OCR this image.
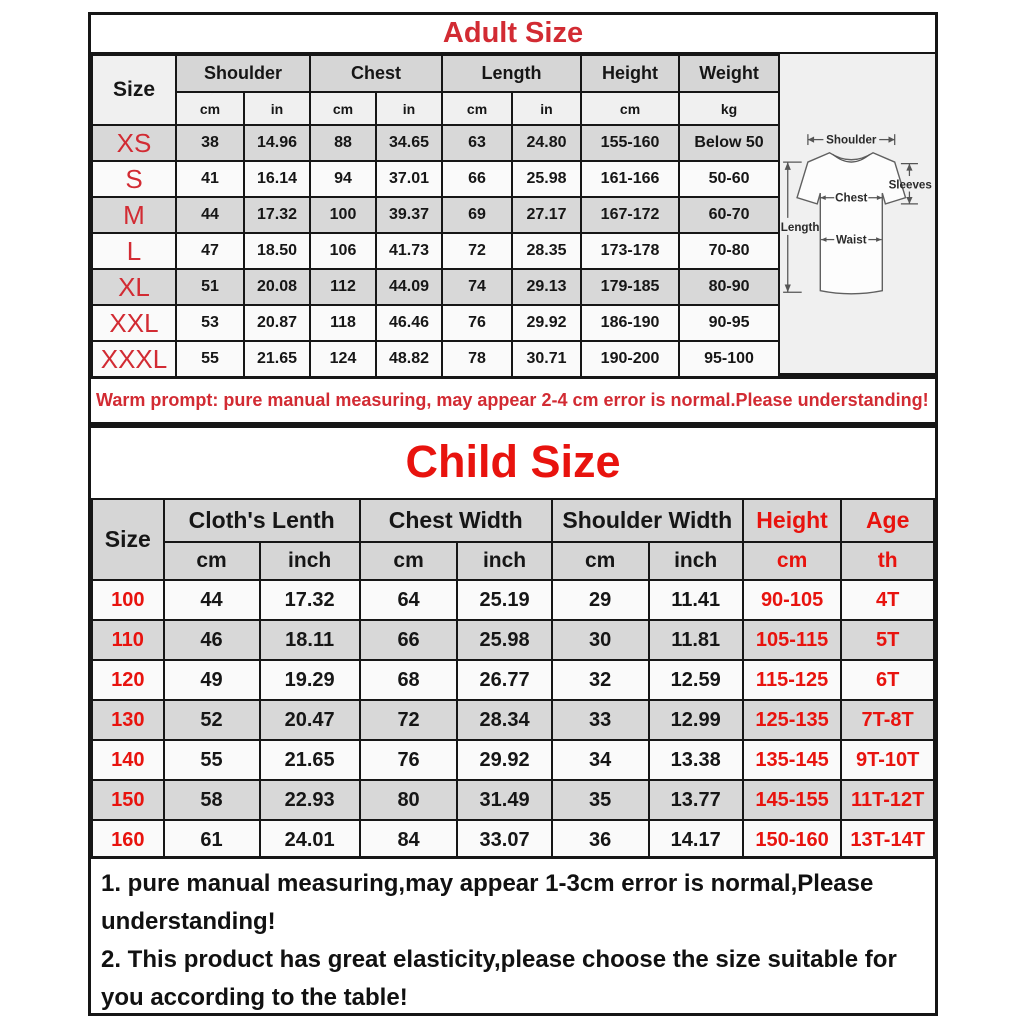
Adult Size
Size	Shoulder		Chest		Length		Height	Weight
	cm	in	cm	in	cm	in	cm	kg
XS	38	14.96	88	34.65	63	24.80	155-160	Below 50
S	41	16.14	94	37.01	66	25.98	161-166	50-60
M	44	17.32	100	39.37	69	27.17	167-172	60-70
L	47	18.50	106	41.73	72	28.35	173-178	70-80
XL	51	20.08	112	44.09	74	29.13	179-185	80-90
XXL	53	20.87	118	46.46	76	29.92	186-190	90-95
XXXL	55	21.65	124	48.82	78	30.71	190-200	95-100
Shoulder
Length
Sleeves
Chest
Waist

Warm prompt: pure manual measuring, may appear 2-4 cm error is normal.Please understanding!

Child Size
Size	Cloth's Lenth		Chest Width		Shoulder Width		Height	Age
	cm	inch	cm	inch	cm	inch	cm	th
100	44	17.32	64	25.19	29	11.41	90-105	4T
110	46	18.11	66	25.98	30	11.81	105-115	5T
120	49	19.29	68	26.77	32	12.59	115-125	6T
130	52	20.47	72	28.34	33	12.99	125-135	7T-8T
140	55	21.65	76	29.92	34	13.38	135-145	9T-10T
150	58	22.93	80	31.49	35	13.77	145-155	11T-12T
160	61	24.01	84	33.07	36	14.17	150-160	13T-14T

1. pure manual measuring,may appear 1-3cm error is normal,Please understanding!

2. This product has great elasticity,please choose the size suitable for you according to the table!
